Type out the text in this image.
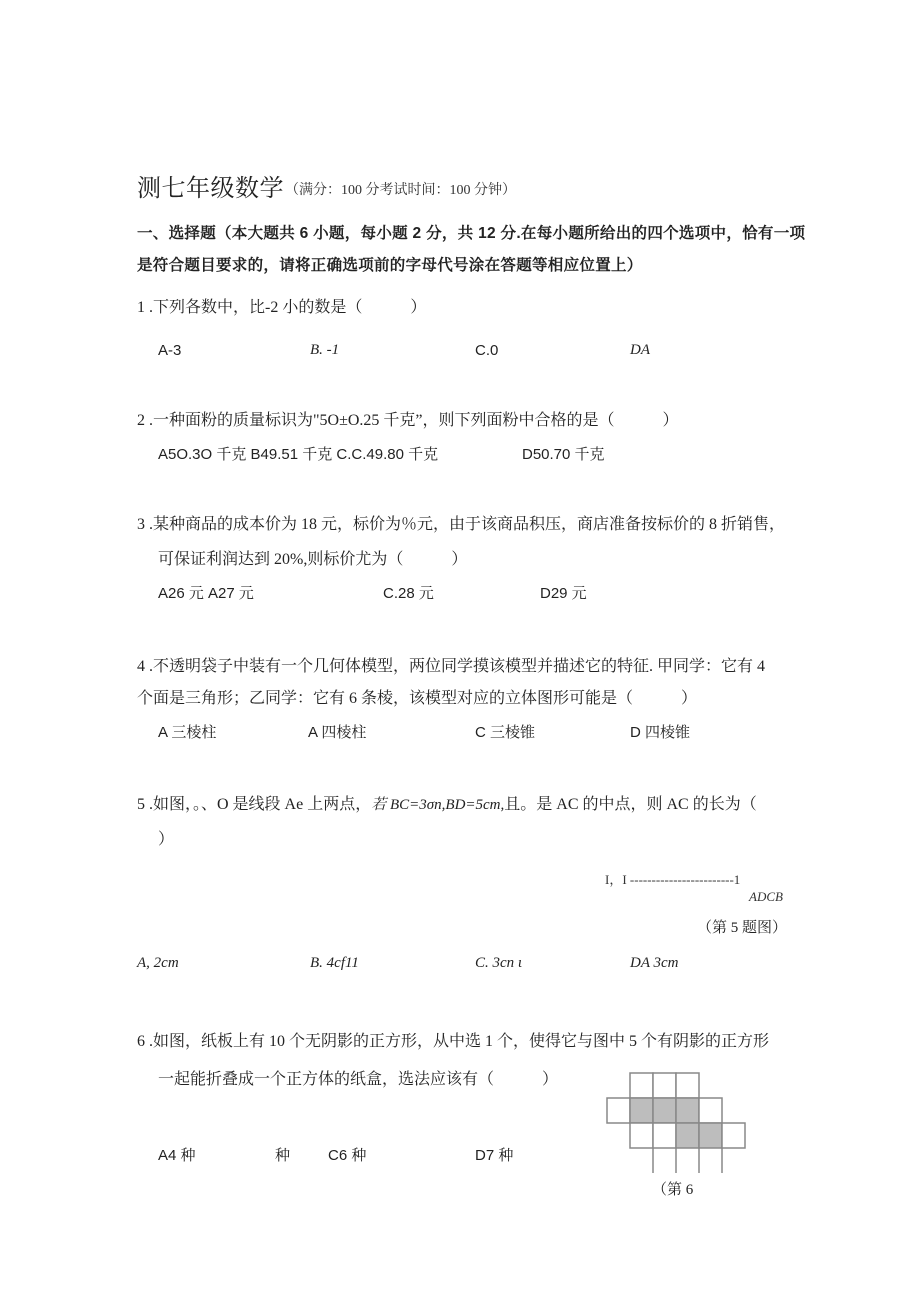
测七年级数学 （满分：100 分考试时间：100 分钟）
一、选择题（本大题共 6 小题，每小题 2 分，共 12 分.在每小题所给出的四个选项中，恰有一项
是符合题目要求的，请将正确选项前的字母代号涂在答题等相应位置上）
1 .下列各数中，比-2 小的数是（　　　）
A-3	B. -1	C.0	DA
2 .一种面粉的质量标识为"5O±O.25 千克”，则下列面粉中合格的是（　　　）
A5O.3O 千克 B49.51 千克 C.C.49.80 千克	D50.70 千克
3 .某种商品的成本价为 18 元，标价为％元，由于该商品积压，商店准备按标价的 8 折销售，
可保证利润达到 20%,则标价尤为（　　　）
A26 元 A27 元	C.28 元	D29 元
4 .不透明袋子中装有一个几何体模型，两位同学摸该模型并描述它的特征. 甲同学：它有 4
个面是三角形；乙同学：它有 6 条棱，该模型对应的立体图形可能是（　　　）
A 三棱柱	A 四棱柱	C 三棱锥	D 四棱锥
5 .如图，。、O 是线段 Ae 上两点，若 BC=3σn,BD=5cm,且。是 AC 的中点，则 AC 的长为（
）
I，I ------------------------1
ADCB
（第 5 题图）
A, 2cm	B. 4cf11	C. 3cn ι	DA 3cm
6 .如图，纸板上有 10 个无阴影的正方形，从中选 1 个，使得它与图中 5 个有阴影的正方形
一起能折叠成一个正方体的纸盒，选法应该有（　　　）
A4 种	种	C6 种	D7 种
（第 6
